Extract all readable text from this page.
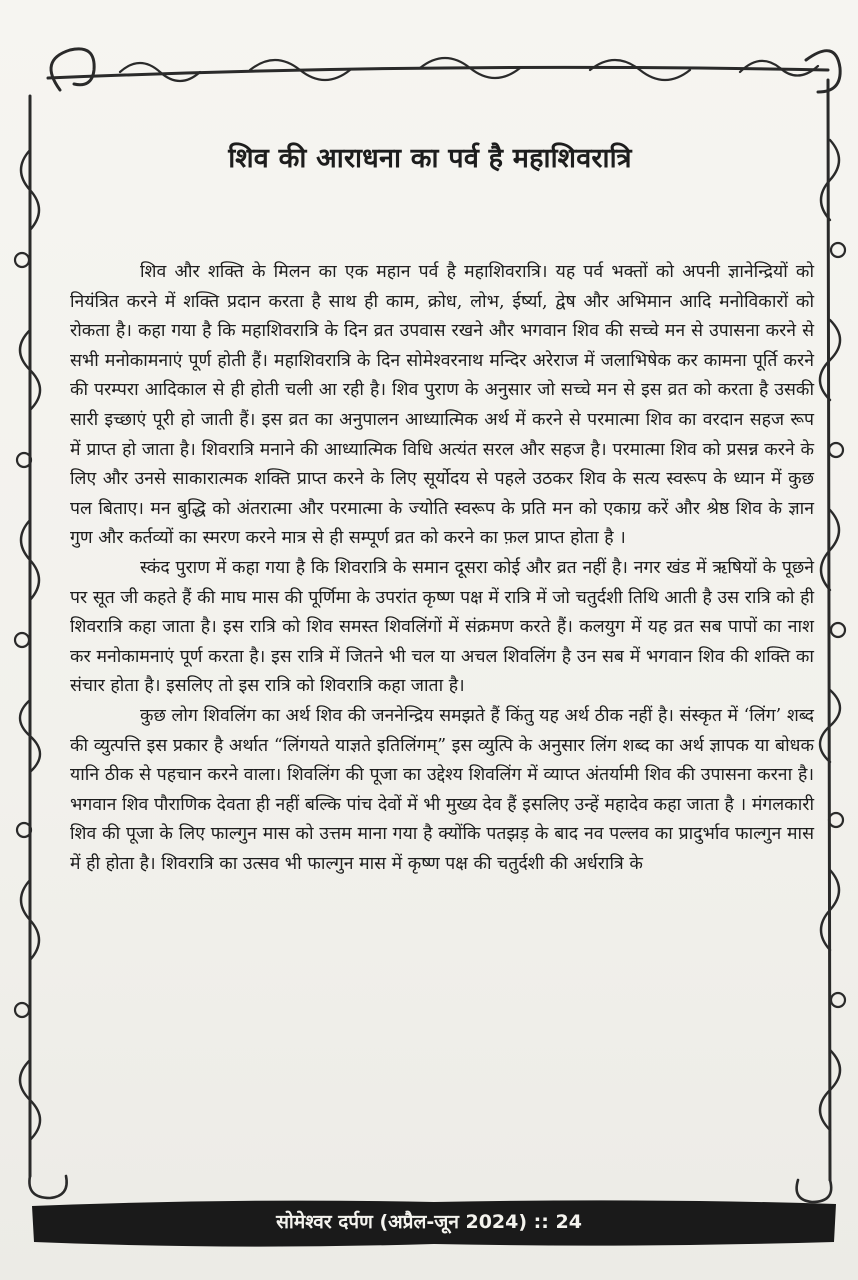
शिव की आराधना का पर्व है महाशिवरात्रि

शिव और शक्ति के मिलन का एक महान पर्व है महाशिवरात्रि। यह पर्व भक्तों को अपनी ज्ञानेन्द्रियों को नियंत्रित करने में शक्ति प्रदान करता है साथ ही काम, क्रोध, लोभ, ईर्ष्या, द्वेष और अभिमान आदि मनोविकारों को रोकता है। कहा गया है कि महाशिवरात्रि के दिन व्रत उपवास रखने और भगवान शिव की सच्चे मन से उपासना करने से सभी मनोकामनाएं पूर्ण होती हैं। महाशिवरात्रि के दिन सोमेश्वरनाथ मन्दिर अरेराज में जलाभिषेक कर कामना पूर्ति करने की परम्परा आदिकाल से ही होती चली आ रही है। शिव पुराण के अनुसार जो सच्चे मन से इस व्रत को करता है उसकी सारी इच्छाएं पूरी हो जाती हैं। इस व्रत का अनुपालन आध्यात्मिक अर्थ में करने से परमात्मा शिव का वरदान सहज रूप में प्राप्त हो जाता है। शिवरात्रि मनाने की आध्यात्मिक विधि अत्यंत सरल और सहज है। परमात्मा शिव को प्रसन्न करने के लिए और उनसे साकारात्मक शक्ति प्राप्त करने के लिए सूर्योदय से पहले उठकर शिव के सत्य स्वरूप के ध्यान में कुछ पल बिताए। मन बुद्धि को अंतरात्मा और परमात्मा के ज्योति स्वरूप के प्रति मन को एकाग्र करें और श्रेष्ठ शिव के ज्ञान गुण और कर्तव्यों का स्मरण करने मात्र से ही सम्पूर्ण व्रत को करने का फ़ल प्राप्त होता है ।

स्कंद पुराण में कहा गया है कि शिवरात्रि के समान दूसरा कोई और व्रत नहीं है। नगर खंड में ऋषियों के पूछने पर सूत जी कहते हैं की माघ मास की पूर्णिमा के उपरांत कृष्ण पक्ष में रात्रि में जो चतुर्दशी तिथि आती है उस रात्रि को ही शिवरात्रि कहा जाता है। इस रात्रि को शिव समस्त शिवलिंगों में संक्रमण करते हैं। कलयुग में यह व्रत सब पापों का नाश कर मनोकामनाएं पूर्ण करता है। इस रात्रि में जितने भी चल या अचल शिवलिंग है उन सब में भगवान शिव की शक्ति का संचार होता है। इसलिए तो इस रात्रि को शिवरात्रि कहा जाता है।

कुछ लोग शिवलिंग का अर्थ शिव की जननेन्द्रिय समझते हैं किंतु यह अर्थ ठीक नहीं है। संस्कृत में ‘लिंग’ शब्द की व्युत्पत्ति इस प्रकार है अर्थात “लिंगयते याज्ञते इतिलिंगम्” इस व्युत्पि के अनुसार लिंग शब्द का अर्थ ज्ञापक या बोधक यानि ठीक से पहचान करने वाला। शिवलिंग की पूजा का उद्देश्य शिवलिंग में व्याप्त अंतर्यामी शिव की उपासना करना है। भगवान शिव पौराणिक देवता ही नहीं बल्कि पांच देवों में भी मुख्य देव हैं इसलिए उन्हें महादेव कहा जाता है । मंगलकारी शिव की पूजा के लिए फाल्गुन मास को उत्तम माना गया है क्योंकि पतझड़ के बाद नव पल्लव का प्रादुर्भाव फाल्गुन मास में ही होता है। शिवरात्रि का उत्सव भी फाल्गुन मास में कृष्ण पक्ष की चतुर्दशी की अर्धरात्रि के

सोमेश्वर दर्पण (अप्रैल-जून 2024) :: 24
